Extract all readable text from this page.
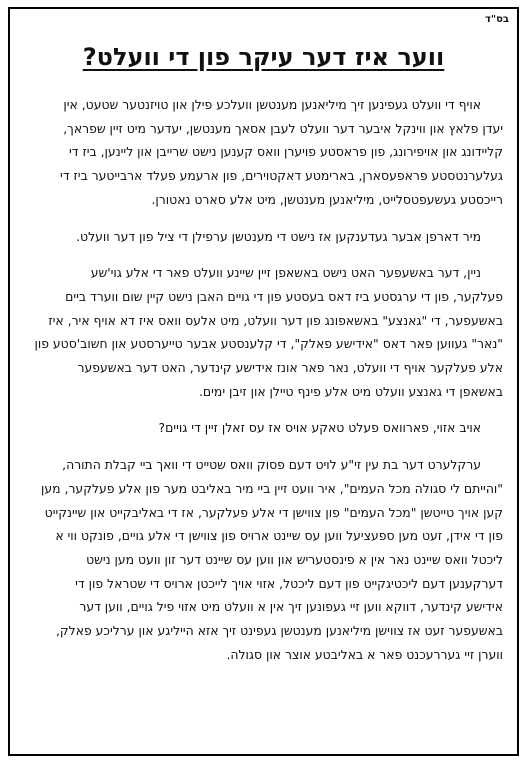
בס"ד

ווער איז דער עיקר פון די וועלט?

אויף די וועלט געפינען זיך מיליאנען מענטשן וועלכע פילן און טויזנטער שטעט, אין
יעדן פלאץ און ווינקל איבער דער וועלט לעבן אסאך מענטשן, יעדער מיט זיין שפראך,
קליידונג און אויפירונג, פון פראסטע פויערן וואס קענען נישט שרייבן און ליינען, ביז די
געלערנטסטע פראפעסארן, בארימטע דאקטוירים, פון ארעמע פעלד ארבייטער ביז די
רייכסטע געשעפטסלייט, מיליאנען מענטשן, מיט אלע סארט נאטורן.

מיר דארפן אבער געדענקען אז נישט די מענטשן ערפילן די ציל פון דער וועלט.

ניין, דער באשעפער האט נישט באשאפן זיין שיינע וועלט פאר די אלע גוי'שע
פעלקער, פון די ערגסטע ביז דאס בעסטע פון די גויים האבן נישט קיין שום ווערד ביים
באשעפער, די "גאנצע" באשאפונג פון דער וועלט, מיט אלעס וואס איז דא אויף איר, איז
"נאר" געווען פאר דאס "אידישע פאלק", די קלענסטע אבער טייערסטע און חשוב'סטע פון
אלע פעלקער אויף די וועלט, נאר פאר אונז אידישע קינדער, האט דער באשעפער
באשאפן די גאנצע וועלט מיט אלע פינף טיילן און זיבן ימים.

אויב אזוי, פארוואס פעלט טאקע אויס אז עס זאלן זיין די גויים?

ערקלערט דער בת עין זי"ע לויט דעם פסוק וואס שטייט די וואך ביי קבלת התורה,
"והייתם לי סגולה מכל העמים", איר וועט זיין ביי מיר באליבט מער פון אלע פעלקער, מען
קען אויך טייטשן "מכל העמים" פון צווישן די אלע פעלקער, אז די באליבקייט און שיינקייט
פון די אידן, זעט מען ספעציעל ווען עס שיינט ארויס פון צווישן די אלע גויים, פונקט ווי א
ליכטל וואס שיינט נאר אין א פינסטעריש און ווען עס שיינט דער זון וועט מען נישט
דערקענען דעם ליכטיגקייט פון דעם ליכטל, אזוי אויך לייכטן ארויס די שטראל פון די
אידישע קינדער, דווקא ווען זיי געפונען זיך אין א וועלט מיט אזוי פיל גויים, ווען דער
באשעפער זעט אז צווישן מיליאנען מענטשן געפינט זיך אזא הייליגע און ערליכע פאלק,
ווערן זיי געררעכנט פאר א באליבטע אוצר און סגולה.
